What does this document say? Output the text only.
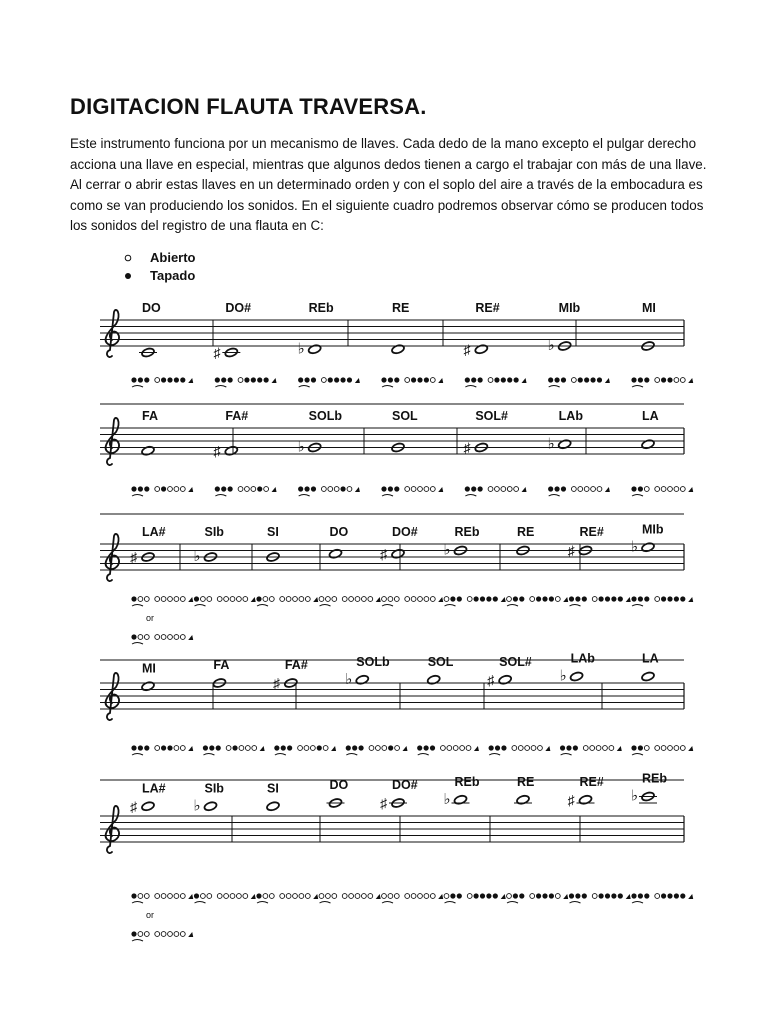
DIGITACION FLAUTA TRAVERSA.
Este instrumento funciona por un mecanismo de llaves. Cada dedo de la mano excepto el pulgar derecho acciona una llave en especial, mientras que algunos dedos tienen a cargo el trabajar con más de una llave. Al cerrar o abrir estas llaves en un determinado orden y con el soplo del aire a través de la embocadura es como se van produciendo los sonidos. En el siguiente cuadro podremos observar cómo se producen todos los sonidos del registro de una flauta en C:
Abierto
Tapado
DO	DO#
♯
REb
♭
RE	RE#
♯
MIb
♭
MI
FA	FA#
♯
SOLb
♭
SOL	SOL#
♯
LAb
♭
LA
LA#
♯
or
SIb
♭
SI	DO	DO#
♯
REb
♭
RE	RE#
♯
MIb
♭
MI	FA	FA#
♯
SOLb
♭
SOL	SOL#
♯
LAb
♭
LA
LA#
♯
or
SIb
♭
SI	DO	DO#
♯
REb
♭
RE	RE#
♯
REb
♭
